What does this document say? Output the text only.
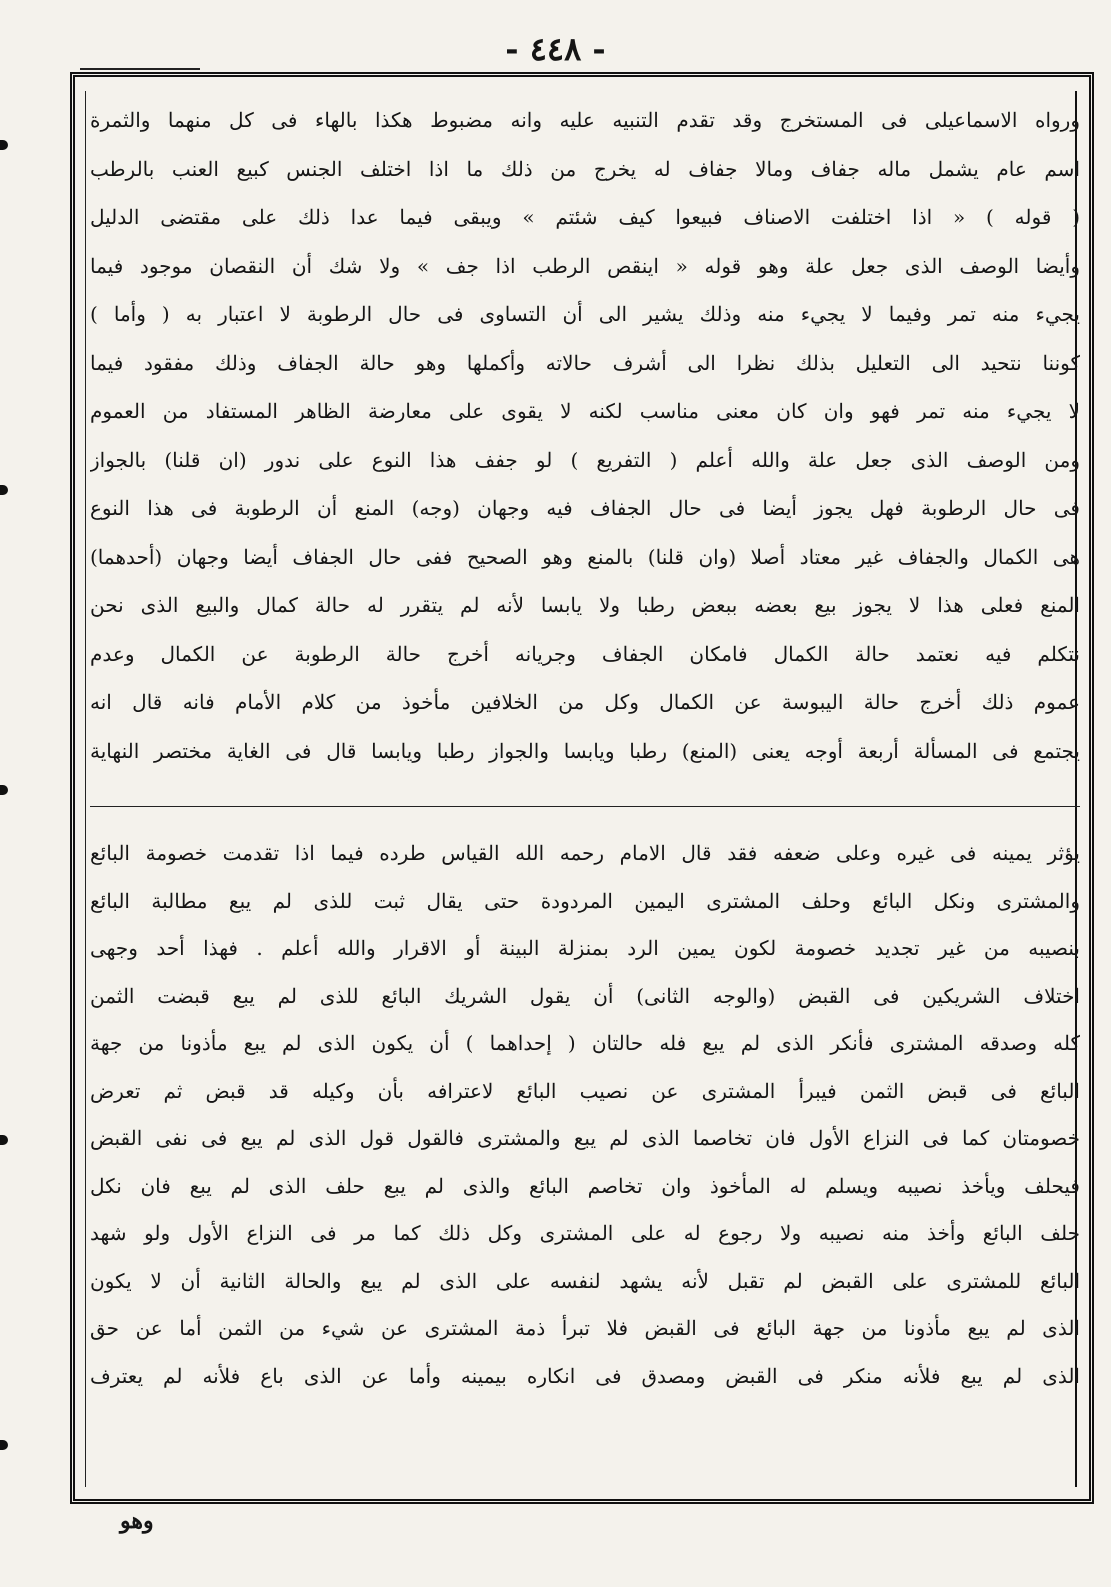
- ٤٤٨ -
ورواه الاسماعيلى فى المستخرج وقد تقدم التنبيه عليه وانه مضبوط هكذا بالهاء فى كل منهما والثمرة
اسم عام يشمل ماله جفاف ومالا جفاف له يخرج من ذلك ما اذا اختلف الجنس كبيع العنب بالرطب
( قوله ) « اذا اختلفت الاصناف فبيعوا كيف شئتم » ويبقى فيما عدا ذلك على مقتضى الدليل
وأيضا الوصف الذى جعل علة وهو قوله « اينقص الرطب اذا جف » ولا شك أن النقصان موجود فيما
يجيء منه تمر وفيما لا يجيء منه وذلك يشير الى أن التساوى فى حال الرطوبة لا اعتبار به ( وأما )
كوننا نتحيد الى التعليل بذلك نظرا الى أشرف حالاته وأكملها وهو حالة الجفاف وذلك مفقود فيما
لا يجيء منه تمر فهو وان كان معنى مناسب لكنه لا يقوى على معارضة الظاهر المستفاد من العموم
ومن الوصف الذى جعل علة والله أعلم ( التفريع ) لو جفف هذا النوع على ندور (ان قلنا) بالجواز
فى حال الرطوبة فهل يجوز أيضا فى حال الجفاف فيه وجهان (وجه) المنع أن الرطوبة فى هذا النوع
هى الكمال والجفاف غير معتاد أصلا (وان قلنا) بالمنع وهو الصحيح ففى حال الجفاف أيضا وجهان (أحدهما)
المنع فعلى هذا لا يجوز بيع بعضه ببعض رطبا ولا يابسا لأنه لم يتقرر له حالة كمال والبيع الذى نحن
نتكلم فيه نعتمد حالة الكمال فامكان الجفاف وجريانه أخرج حالة الرطوبة عن الكمال وعدم
عموم ذلك أخرج حالة اليبوسة عن الكمال وكل من الخلافين مأخوذ من كلام الأمام فانه قال انه
يجتمع فى المسألة أربعة أوجه يعنى (المنع) رطبا ويابسا والجواز رطبا ويابسا قال فى الغاية مختصر النهاية
يؤثر يمينه فى غيره وعلى ضعفه فقد قال الامام رحمه الله القياس طرده فيما اذا تقدمت خصومة البائع
والمشترى ونكل البائع وحلف المشترى اليمين المردودة حتى يقال ثبت للذى لم يبع مطالبة البائع
بنصيبه من غير تجديد خصومة لكون يمين الرد بمنزلة البينة أو الاقرار والله أعلم . فهذا أحد وجهى
اختلاف الشريكين فى القبض (والوجه الثانى) أن يقول الشريك البائع للذى لم يبع قبضت الثمن
كله وصدقه المشترى فأنكر الذى لم يبع فله حالتان ( إحداهما ) أن يكون الذى لم يبع مأذونا من جهة
البائع فى قبض الثمن فيبرأ المشترى عن نصيب البائع لاعترافه بأن وكيله قد قبض ثم تعرض
خصومتان كما فى النزاع الأول فان تخاصما الذى لم يبع والمشترى فالقول قول الذى لم يبع فى نفى القبض
فيحلف ويأخذ نصيبه ويسلم له المأخوذ وان تخاصم البائع والذى لم يبع حلف الذى لم يبع فان نكل
حلف البائع وأخذ منه نصيبه ولا رجوع له على المشترى وكل ذلك كما مر فى النزاع الأول ولو شهد
البائع للمشترى على القبض لم تقبل لأنه يشهد لنفسه على الذى لم يبع والحالة الثانية أن لا يكون
الذى لم يبع مأذونا من جهة البائع فى القبض فلا تبرأ ذمة المشترى عن شيء من الثمن أما عن حق
الذى لم يبع فلأنه منكر فى القبض ومصدق فى انكاره بيمينه وأما عن الذى باع فلأنه لم يعترف
وهو
